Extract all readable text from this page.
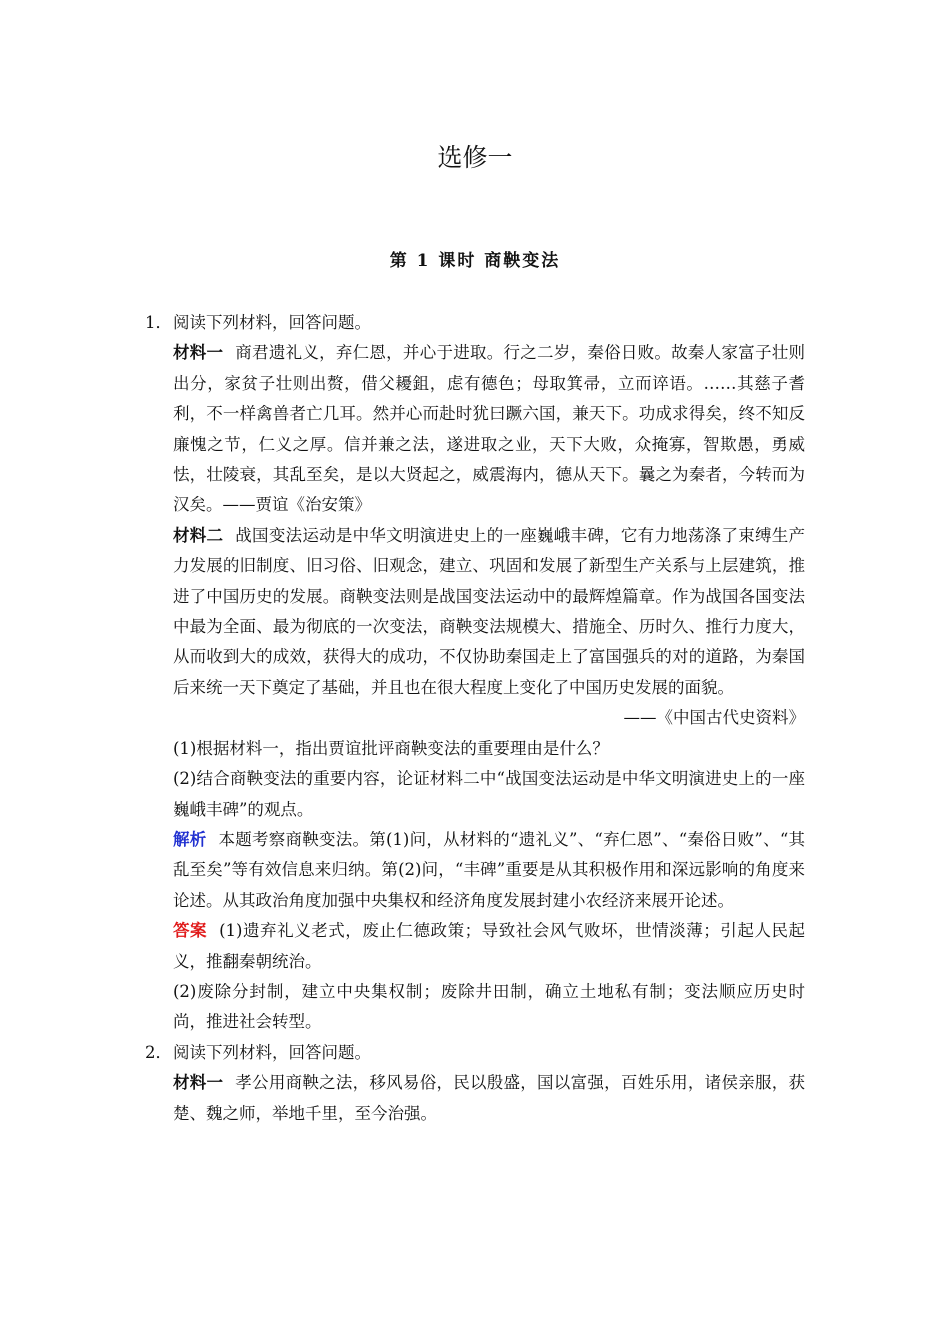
选修一
第 1 课时 商鞅变法
1． 阅读下列材料，回答问题。
材料一 商君遗礼义，弃仁恩，并心于进取。行之二岁，秦俗日败。故秦人家富子壮则出分，家贫子壮则出赘，借父耰鉏，虑有德色；母取箕帚，立而谇语。……其慈子耆利，不一样禽兽者亡几耳。然并心而赴时犹曰蹶六国，兼天下。功成求得矣，终不知反廉愧之节，仁义之厚。信并兼之法，遂进取之业，天下大败，众掩寡，智欺愚，勇威怯，壮陵衰，其乱至矣，是以大贤起之，威震海内，德从天下。曩之为秦者，今转而为汉矣。——贾谊《治安策》
材料二 战国变法运动是中华文明演进史上的一座巍峨丰碑，它有力地荡涤了束缚生产力发展的旧制度、旧习俗、旧观念，建立、巩固和发展了新型生产关系与上层建筑，推进了中国历史的发展。商鞅变法则是战国变法运动中的最辉煌篇章。作为战国各国变法中最为全面、最为彻底的一次变法，商鞅变法规模大、措施全、历时久、推行力度大，从而收到大的成效，获得大的成功，不仅协助秦国走上了富国强兵的对的道路，为秦国后来统一天下奠定了基础，并且也在很大程度上变化了中国历史发展的面貌。
——《中国古代史资料》
(1)根据材料一，指出贾谊批评商鞅变法的重要理由是什么？
(2)结合商鞅变法的重要内容，论证材料二中“战国变法运动是中华文明演进史上的一座巍峨丰碑”的观点。
解析 本题考察商鞅变法。第(1)问，从材料的“遗礼义”、“弃仁恩”、“秦俗日败”、“其乱至矣”等有效信息来归纳。第(2)问，“丰碑”重要是从其积极作用和深远影响的角度来论述。从其政治角度加强中央集权和经济角度发展封建小农经济来展开论述。
答案 (1)遗弃礼义老式，废止仁德政策；导致社会风气败坏，世情淡薄；引起人民起义，推翻秦朝统治。
(2)废除分封制，建立中央集权制；废除井田制，确立土地私有制；变法顺应历史时尚，推进社会转型。
2． 阅读下列材料，回答问题。
材料一 孝公用商鞅之法，移风易俗，民以殷盛，国以富强，百姓乐用，诸侯亲服，获楚、魏之师，举地千里，至今治强。
